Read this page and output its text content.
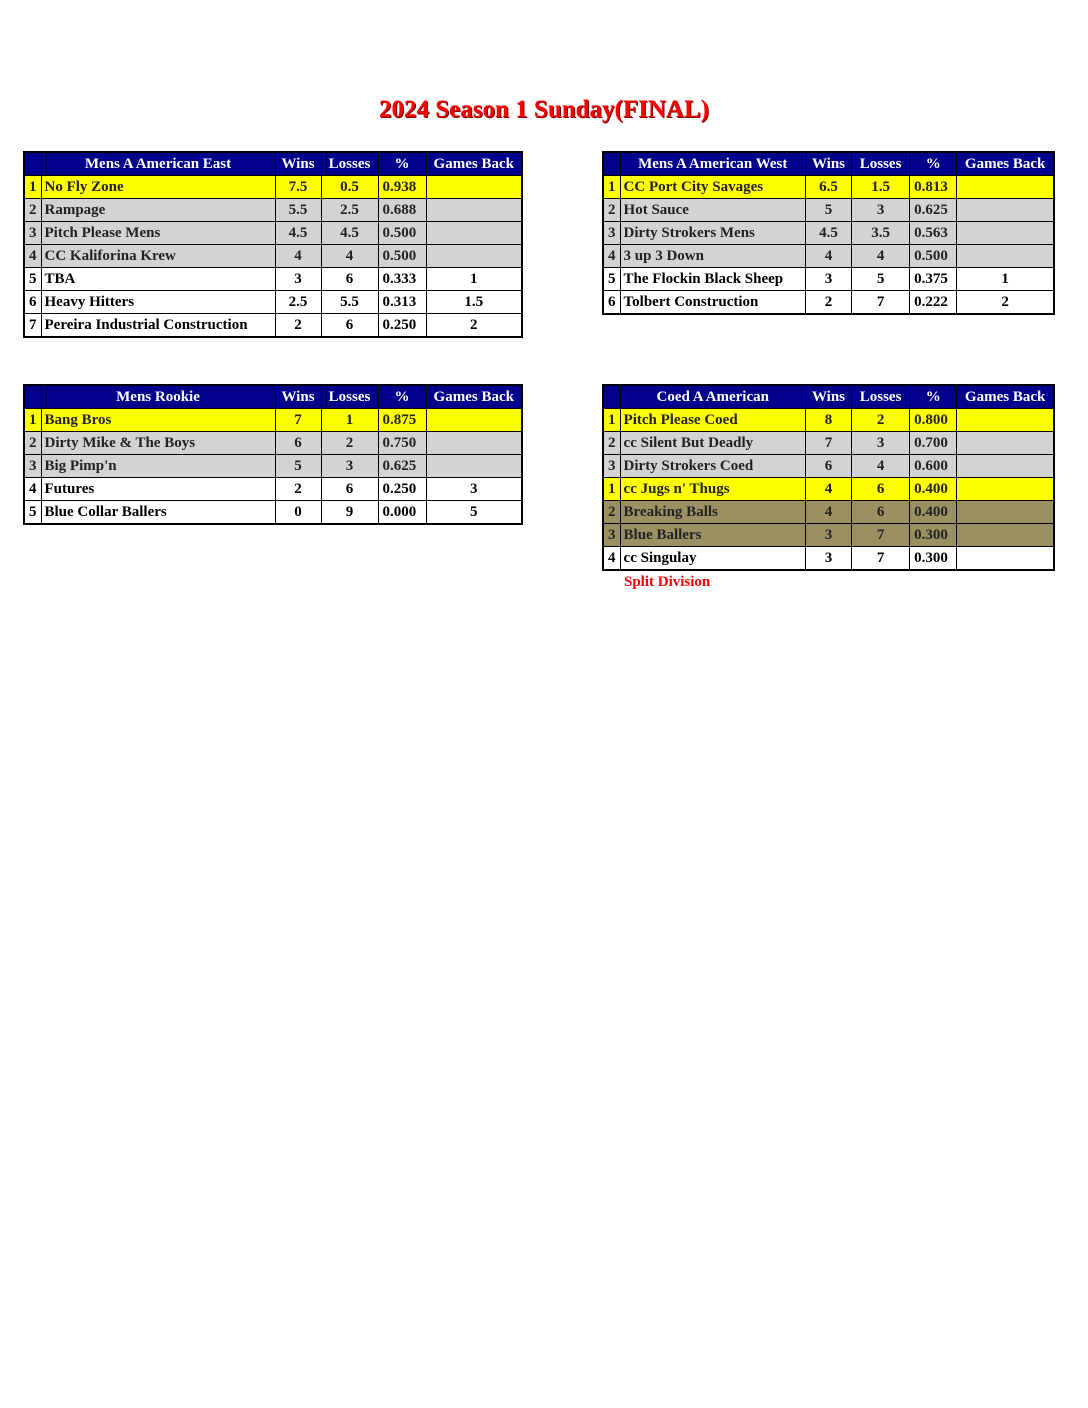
2024 Season 1 Sunday(FINAL)
	Mens A American East	Wins	Losses	%	Games Back
1	No Fly Zone	7.5	0.5	0.938	
2	Rampage	5.5	2.5	0.688	
3	Pitch Please Mens	4.5	4.5	0.500	
4	CC Kaliforina Krew	4	4	0.500	
5	TBA	3	6	0.333	1
6	Heavy Hitters	2.5	5.5	0.313	1.5
7	Pereira Industrial Construction	2	6	0.250	2
	Mens A American West	Wins	Losses	%	Games Back
1	CC Port City Savages	6.5	1.5	0.813	
2	Hot Sauce	5	3	0.625	
3	Dirty Strokers Mens	4.5	3.5	0.563	
4	3 up 3 Down	4	4	0.500	
5	The Flockin Black Sheep	3	5	0.375	1
6	Tolbert Construction	2	7	0.222	2
	Mens Rookie	Wins	Losses	%	Games Back
1	Bang Bros	7	1	0.875	
2	Dirty Mike & The Boys	6	2	0.750	
3	Big Pimp'n	5	3	0.625	
4	Futures	2	6	0.250	3
5	Blue Collar Ballers	0	9	0.000	5
	Coed A American	Wins	Losses	%	Games Back
1	Pitch Please Coed	8	2	0.800	
2	cc Silent But Deadly	7	3	0.700	
3	Dirty Strokers Coed	6	4	0.600	
1	cc Jugs n' Thugs	4	6	0.400	
2	Breaking Balls	4	6	0.400	
3	Blue Ballers	3	7	0.300	
4	cc Singulay	3	7	0.300	
Split Division
